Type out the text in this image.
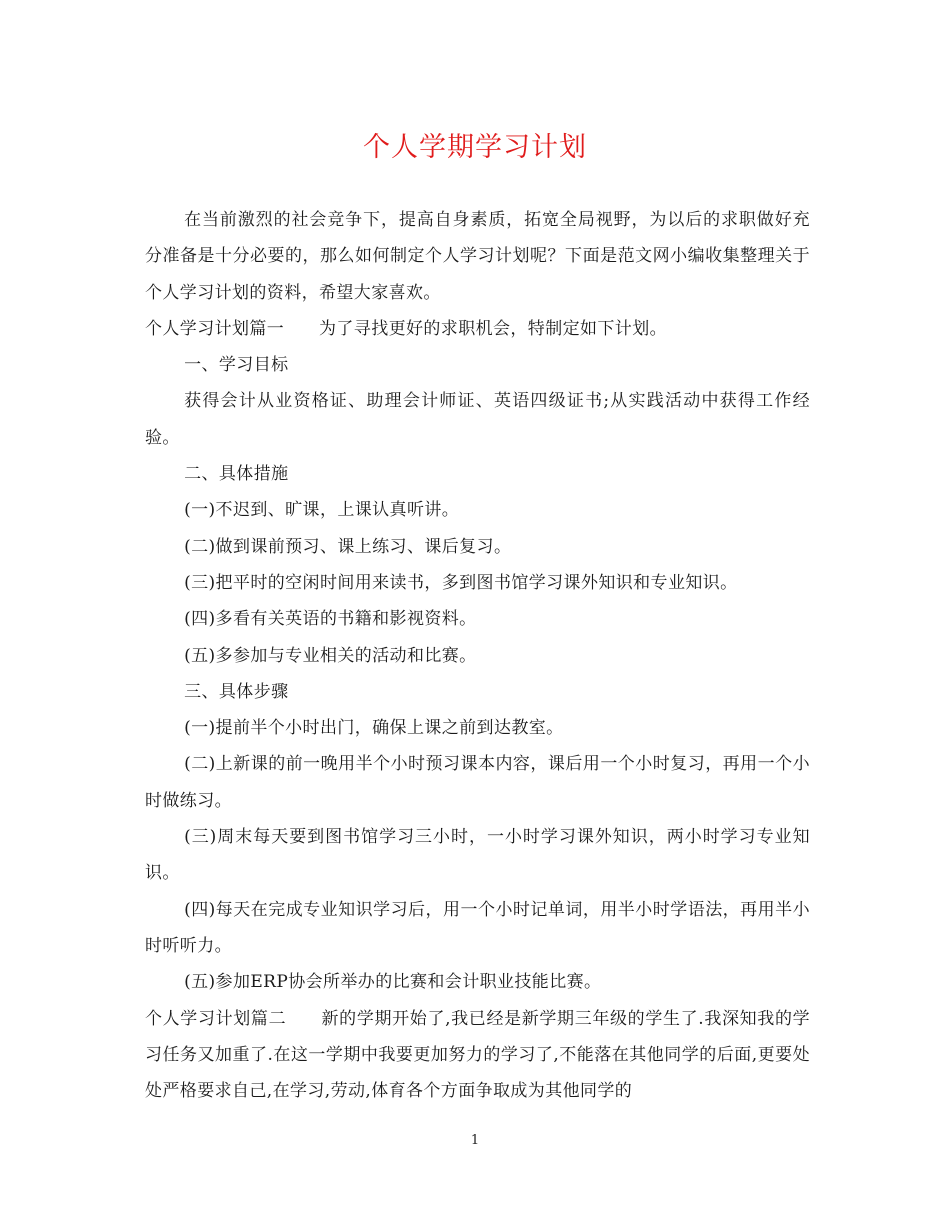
个人学期学习计划

在当前激烈的社会竞争下，提高自身素质，拓宽全局视野，为以后的求职做好充分准备是十分必要的，那么如何制定个人学习计划呢？下面是范文网小编收集整理关于个人学习计划的资料，希望大家喜欢。

个人学习计划篇一　　为了寻找更好的求职机会，特制定如下计划。

一、学习目标

获得会计从业资格证、助理会计师证、英语四级证书;从实践活动中获得工作经验。

二、具体措施

(一)不迟到、旷课，上课认真听讲。

(二)做到课前预习、课上练习、课后复习。

(三)把平时的空闲时间用来读书，多到图书馆学习课外知识和专业知识。

(四)多看有关英语的书籍和影视资料。

(五)多参加与专业相关的活动和比赛。

三、具体步骤

(一)提前半个小时出门，确保上课之前到达教室。

(二)上新课的前一晚用半个小时预习课本内容，课后用一个小时复习，再用一个小时做练习。

(三)周末每天要到图书馆学习三小时，一小时学习课外知识，两小时学习专业知识。

(四)每天在完成专业知识学习后，用一个小时记单词，用半小时学语法，再用半小时听听力。

(五)参加ERP协会所举办的比赛和会计职业技能比赛。

个人学习计划篇二　　新的学期开始了,我已经是新学期三年级的学生了.我深知我的学习任务又加重了.在这一学期中我要更加努力的学习了,不能落在其他同学的后面,更要处处严格要求自己,在学习,劳动,体育各个方面争取成为其他同学的

1
